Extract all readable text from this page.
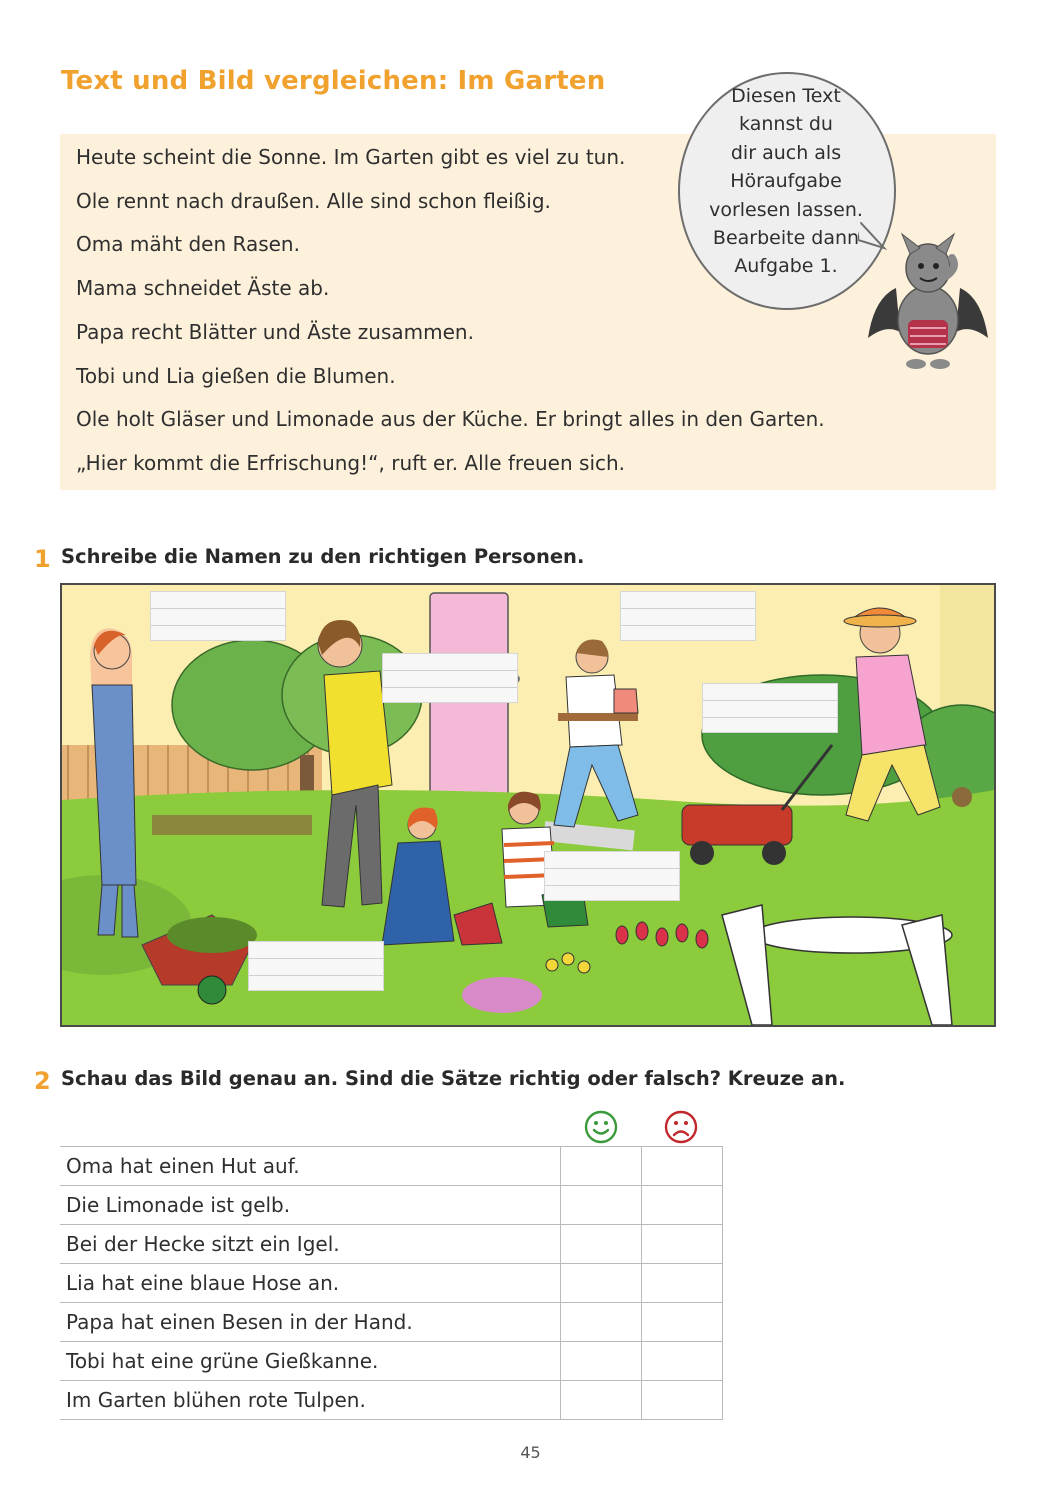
Text und Bild vergleichen: Im Garten
Heute scheint die Sonne. Im Garten gibt es viel zu tun.
Ole rennt nach draußen. Alle sind schon fleißig.
Oma mäht den Rasen.
Mama schneidet Äste ab.
Papa recht Blätter und Äste zusammen.
Tobi und Lia gießen die Blumen.
Ole holt Gläser und Limonade aus der Küche. Er bringt alles in den Garten.
„Hier kommt die Erfrischung!“, ruft er. Alle freuen sich.
Diesen Text
kannst du
dir auch als
Höraufgabe
vorlesen lassen.
Bearbeite dann
Aufgabe 1.
1 Schreibe die Namen zu den richtigen Personen.
2 Schau das Bild genau an. Sind die Sätze richtig oder falsch? Kreuze an.
Oma hat einen Hut auf.		
Die Limonade ist gelb.		
Bei der Hecke sitzt ein Igel.		
Lia hat eine blaue Hose an.		
Papa hat einen Besen in der Hand.		
Tobi hat eine grüne Gießkanne.		
Im Garten blühen rote Tulpen.		
45
